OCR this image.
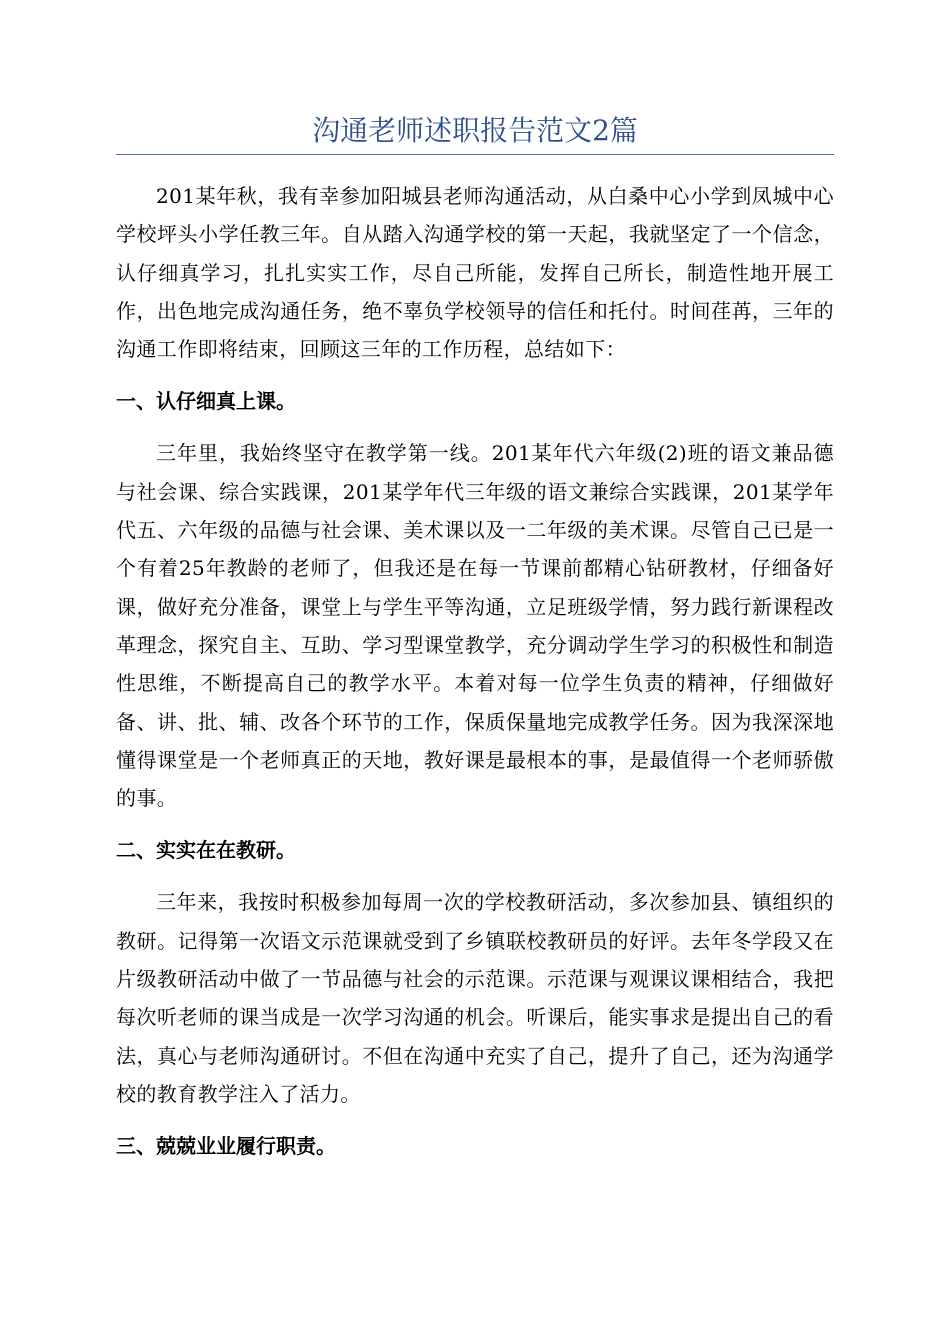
沟通老师述职报告范文2篇

201某年秋，我有幸参加阳城县老师沟通活动，从白桑中心小学到凤城中心学校坪头小学任教三年。自从踏入沟通学校的第一天起，我就坚定了一个信念，认仔细真学习，扎扎实实工作，尽自己所能，发挥自己所长，制造性地开展工作，出色地完成沟通任务，绝不辜负学校领导的信任和托付。时间荏苒，三年的沟通工作即将结束，回顾这三年的工作历程，总结如下：

一、认仔细真上课。

三年里，我始终坚守在教学第一线。201某年代六年级(2)班的语文兼品德与社会课、综合实践课，201某学年代三年级的语文兼综合实践课，201某学年代五、六年级的品德与社会课、美术课以及一二年级的美术课。尽管自己已是一个有着25年教龄的老师了，但我还是在每一节课前都精心钻研教材，仔细备好课，做好充分准备，课堂上与学生平等沟通，立足班级学情，努力践行新课程改革理念，探究自主、互助、学习型课堂教学，充分调动学生学习的积极性和制造性思维，不断提高自己的教学水平。本着对每一位学生负责的精神，仔细做好备、讲、批、辅、改各个环节的工作，保质保量地完成教学任务。因为我深深地懂得课堂是一个老师真正的天地，教好课是最根本的事，是最值得一个老师骄傲的事。

二、实实在在教研。

三年来，我按时积极参加每周一次的学校教研活动，多次参加县、镇组织的教研。记得第一次语文示范课就受到了乡镇联校教研员的好评。去年冬学段又在片级教研活动中做了一节品德与社会的示范课。示范课与观课议课相结合，我把每次听老师的课当成是一次学习沟通的机会。听课后，能实事求是提出自己的看法，真心与老师沟通研讨。不但在沟通中充实了自己，提升了自己，还为沟通学校的教育教学注入了活力。

三、兢兢业业履行职责。
